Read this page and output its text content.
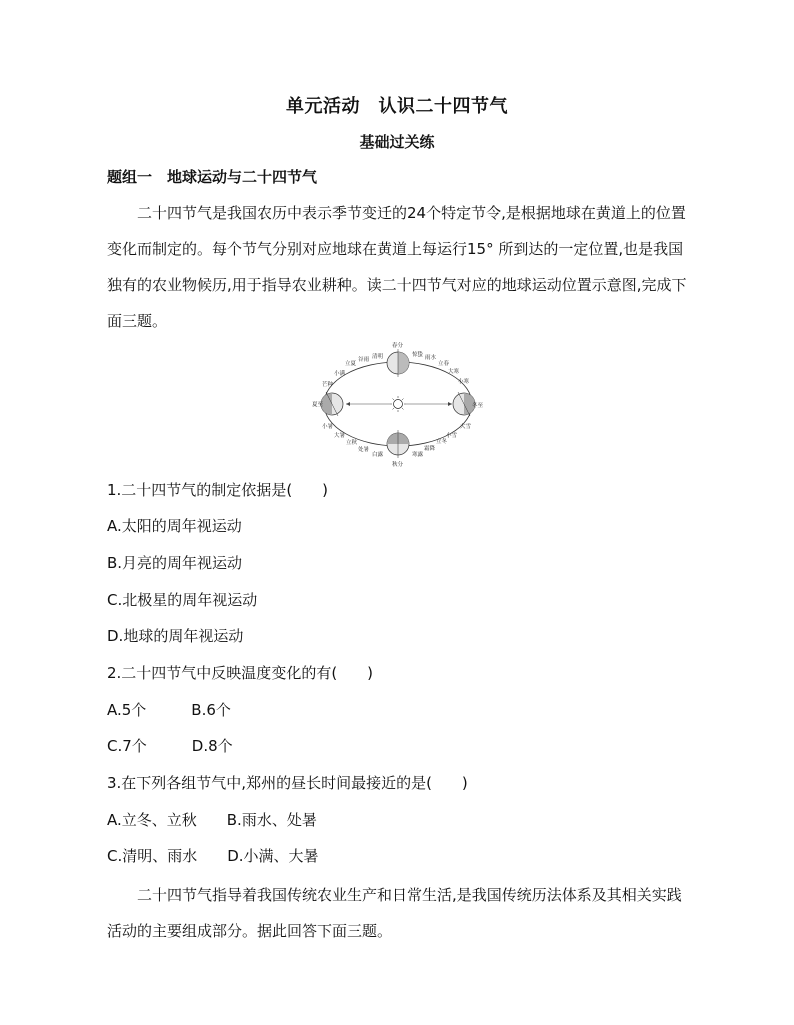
单元活动　认识二十四节气
基础过关练
题组一　地球运动与二十四节气
二十四节气是我国农历中表示季节变迁的24个特定节令,是根据地球在黄道上的位置变化而制定的。每个节气分别对应地球在黄道上每运行15° 所到达的一定位置,也是我国独有的农业物候历,用于指导农业耕种。读二十四节气对应的地球运动位置示意图,完成下面三题。
春分
秋分
夏至	冬至
清明
谷雨
立夏
小满
芒种
惊蛰 雨水
立春
大寒
小寒
大雪
小雪
立冬
霜降
寒露
白露
处暑
立秋
大暑
小暑
1.二十四节气的制定依据是(　　)
A.太阳的周年视运动
B.月亮的周年视运动
C.北极星的周年视运动
D.地球的周年视运动
2.二十四节气中反映温度变化的有(　　)
A.5个　　　B.6个
C.7个　　　D.8个
3.在下列各组节气中,郑州的昼长时间最接近的是(　　)
A.立冬、立秋　　B.雨水、处暑
C.清明、雨水　　D.小满、大暑
二十四节气指导着我国传统农业生产和日常生活,是我国传统历法体系及其相关实践活动的主要组成部分。据此回答下面三题。
